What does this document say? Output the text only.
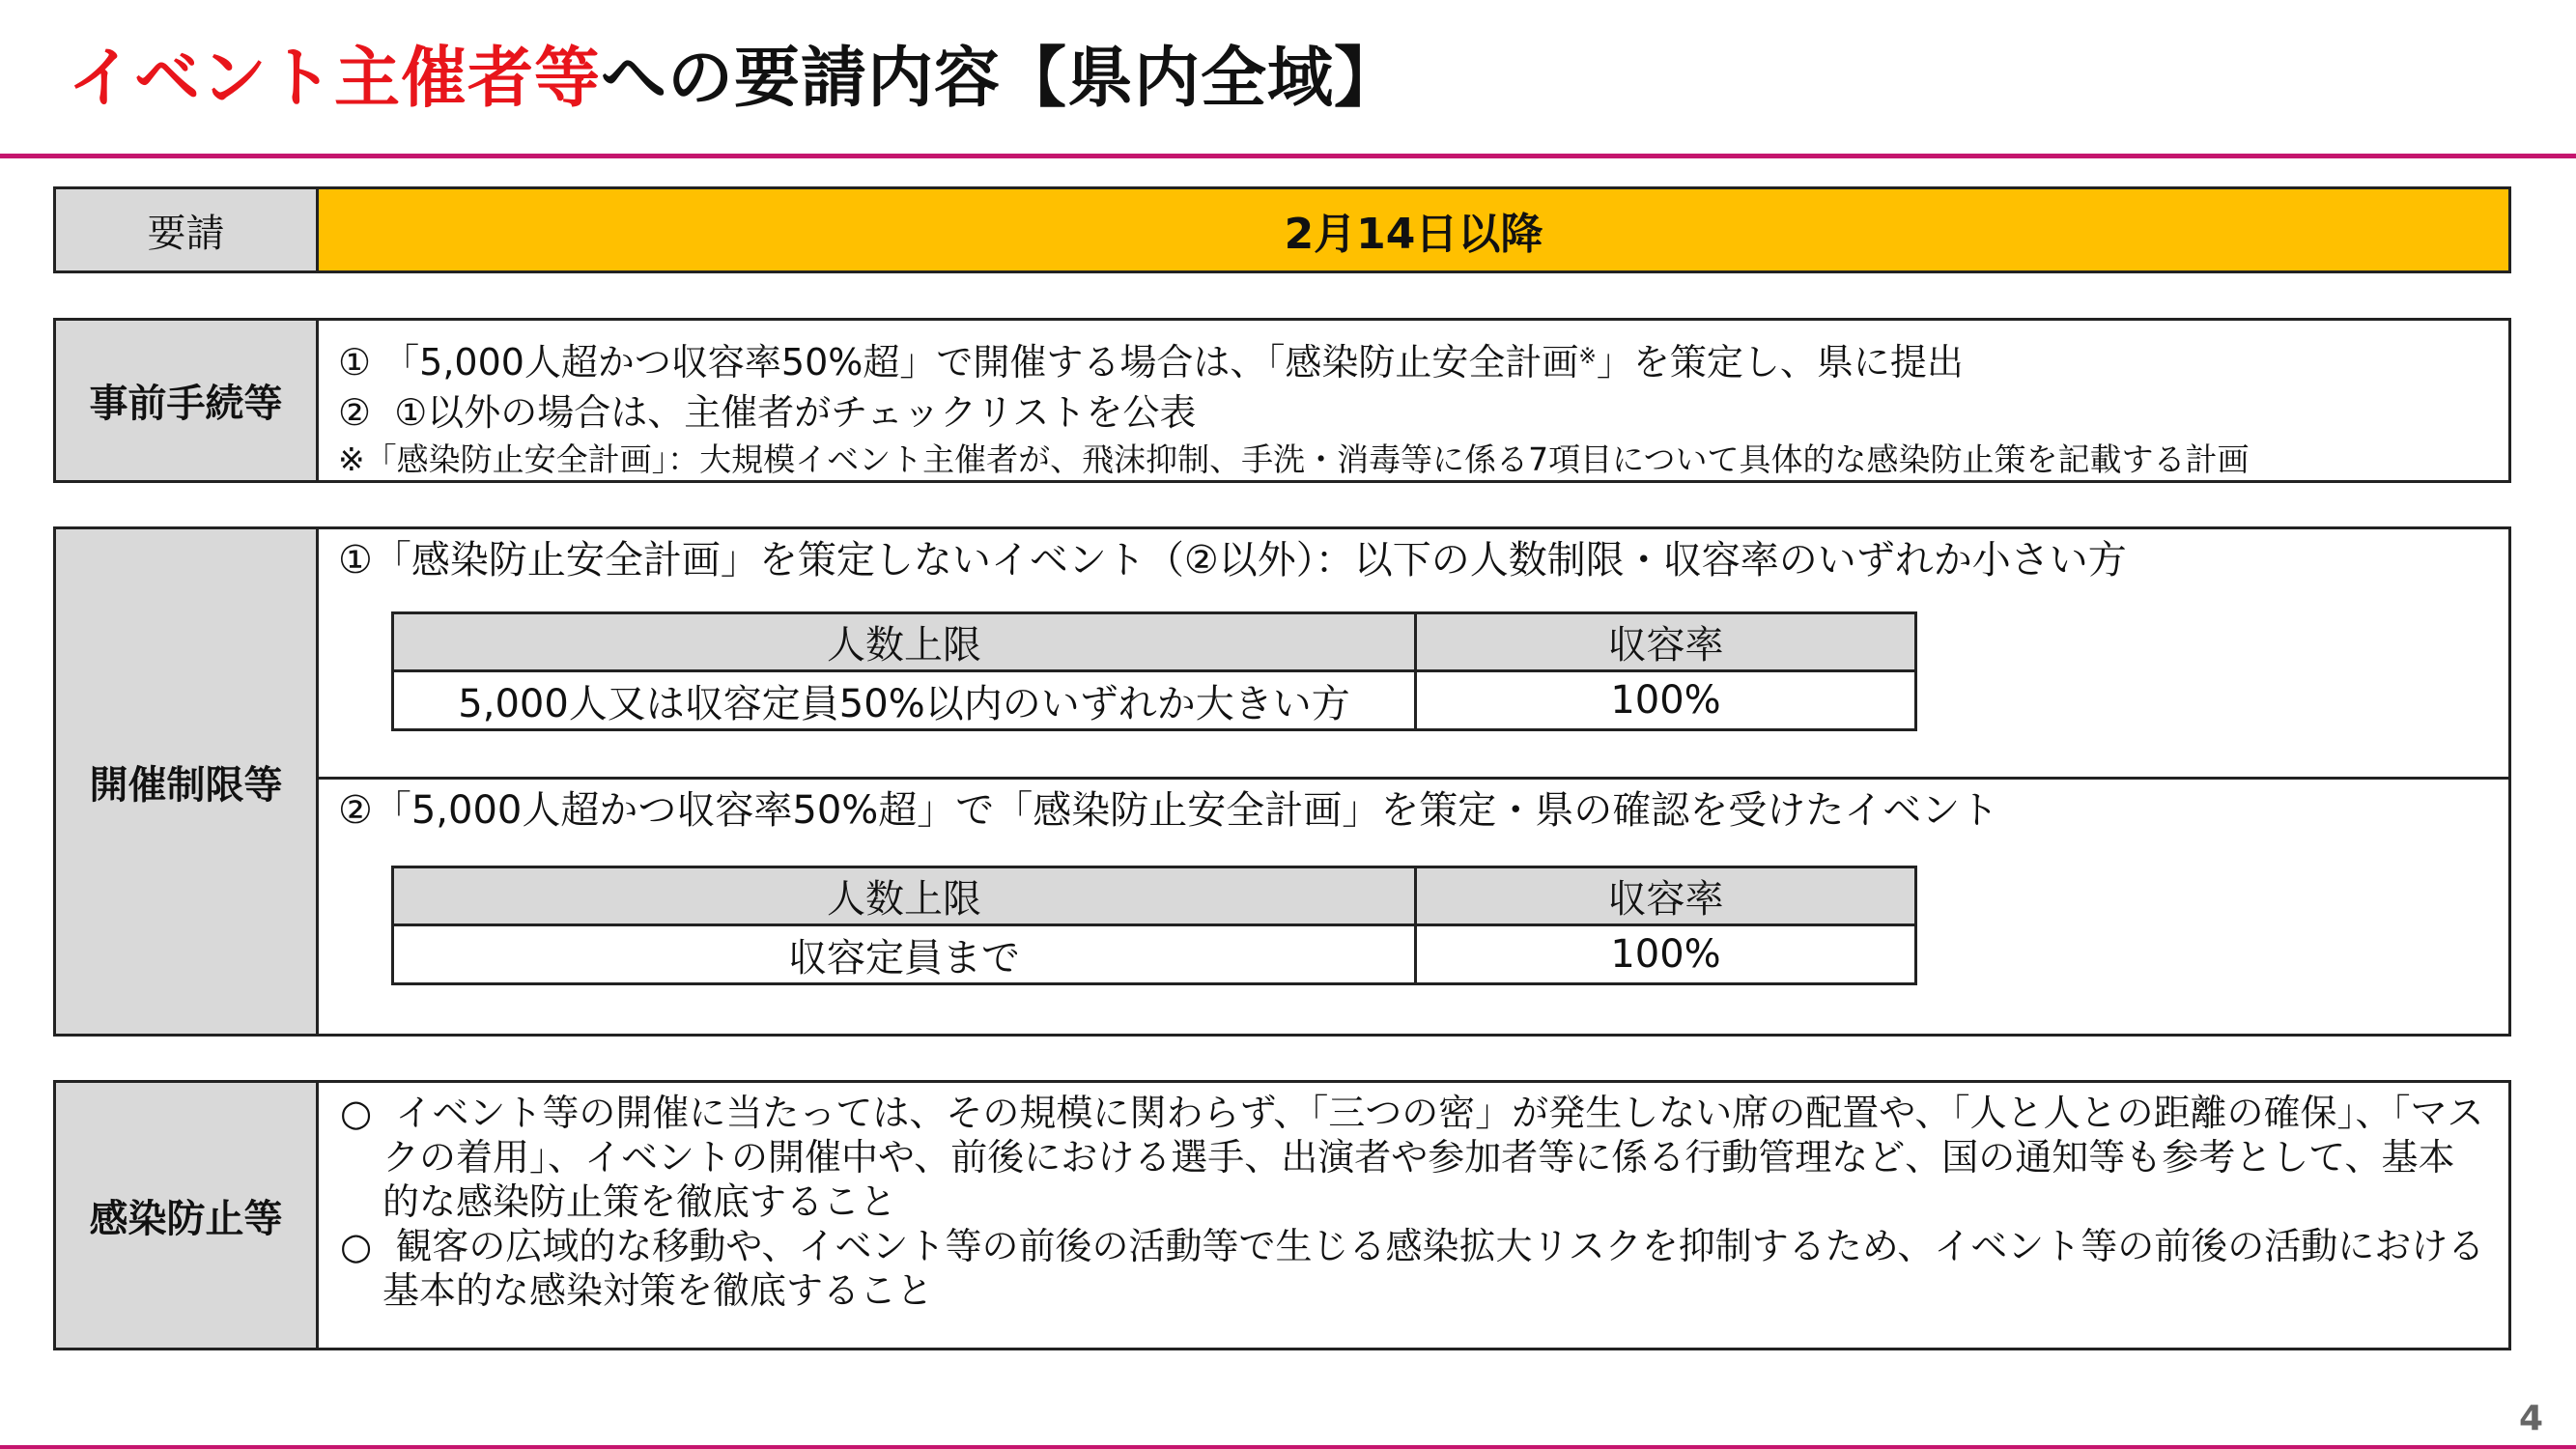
イベント主催者等への要請内容【県内全域】
要請	2月14日以降
事前手続等
① 「5,000人超かつ収容率50%超」で開催する場合は、「感染防止安全計画※」を策定し、県に提出
②  ①以外の場合は、主催者がチェックリストを公表
※「感染防止安全計画」：大規模イベント主催者が、飛沫抑制、手洗・消毒等に係る7項目について具体的な感染防止策を記載する計画
開催制限等
①「感染防止安全計画」を策定しないイベント（②以外）：以下の人数制限・収容率のいずれか小さい方
人数上限	収容率
5,000人又は収容定員50%以内のいずれか大きい方	100%
②「5,000人超かつ収容率50%超」で「感染防止安全計画」を策定・県の確認を受けたイベント
人数上限	収容率
収容定員まで	100%
感染防止等
○  イベント等の開催に当たっては、その規模に関わらず、「三つの密」が発生しない席の配置や、「人と人との距離の確保」、「マスクの着用」、イベントの開催中や、前後における選手、出演者や参加者等に係る行動管理など、国の通知等も参考として、基本的な感染防止策を徹底すること
○  観客の広域的な移動や、イベント等の前後の活動等で生じる感染拡大リスクを抑制するため、イベント等の前後の活動における基本的な感染対策を徹底すること
4
